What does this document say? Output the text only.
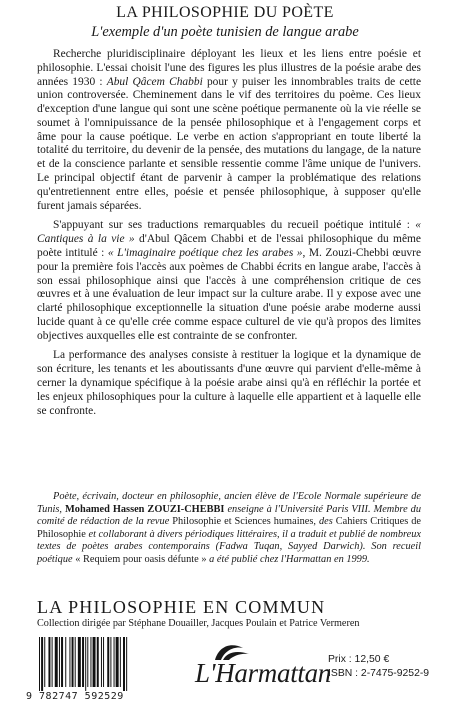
LA PHILOSOPHIE DU POÈTE
L'exemple d'un poète tunisien de langue arabe

Recherche pluridisciplinaire déployant les lieux et les liens entre poésie et philosophie. L'essai choisit l'une des figures les plus illustres de la poésie arabe des années 1930 : Abul Qâcem Chabbi pour y puiser les innombrables traits de cette union controversée. Cheminement dans le vif des territoires du poème. Ces lieux d'exception d'une langue qui sont une scène poétique permanente où la vie réelle se soumet à l'omnipuissance de la pensée philosophique et à l'engagement corps et âme pour la cause poétique. Le verbe en action s'appropriant en toute liberté la totalité du territoire, du devenir de la pensée, des mutations du langage, de la nature et de la conscience parlante et sensible ressentie comme l'âme unique de l'univers. Le principal objectif étant de parvenir à camper la problématique des relations qu'entretiennent entre elles, poésie et pensée philosophique, à supposer qu'elle furent jamais séparées.

S'appuyant sur ses traductions remarquables du recueil poétique intitulé : « Cantiques à la vie » d'Abul Qâcem Chabbi et de l'essai philosophique du même poète intitulé : « L'imaginaire poétique chez les arabes », M. Zouzi-Chebbi œuvre pour la première fois l'accès aux poèmes de Chabbi écrits en langue arabe, l'accès à son essai philosophique ainsi que l'accès à une compréhension critique de ces œuvres et à une évaluation de leur impact sur la culture arabe. Il y expose avec une clarté philosophique exceptionnelle la situation d'une poésie arabe moderne aussi lucide quant à ce qu'elle crée comme espace culturel de vie qu'à propos des limites objectives auxquelles elle est contrainte de se confronter.

La performance des analyses consiste à restituer la logique et la dynamique de son écriture, les tenants et les aboutissants d'une œuvre qui parvient d'elle-même à cerner la dynamique spécifique à la poésie arabe ainsi qu'à en réfléchir la portée et les enjeux philosophiques pour la culture à laquelle elle appartient et à laquelle elle se confronte.

Poète, écrivain, docteur en philosophie, ancien élève de l'Ecole Normale supérieure de Tunis, Mohamed Hassen ZOUZI-CHEBBI enseigne à l'Université Paris VIII. Membre du comité de rédaction de la revue Philosophie et Sciences humaines, des Cahiers Critiques de Philosophie et collaborant à divers périodiques littéraires, il a traduit et publié de nombreux textes de poètes arabes contemporains (Fadwa Tuqan, Sayyed Darwich). Son recueil poétique « Requiem pour oasis défunte » a été publié chez l'Harmattan en 1999.

LA PHILOSOPHIE EN COMMUN
Collection dirigée par Stéphane Douailler, Jacques Poulain et Patrice Vermeren
9 782747 592529
L'Harmattan
Prix : 12,50 €
ISBN : 2-7475-9252-9
